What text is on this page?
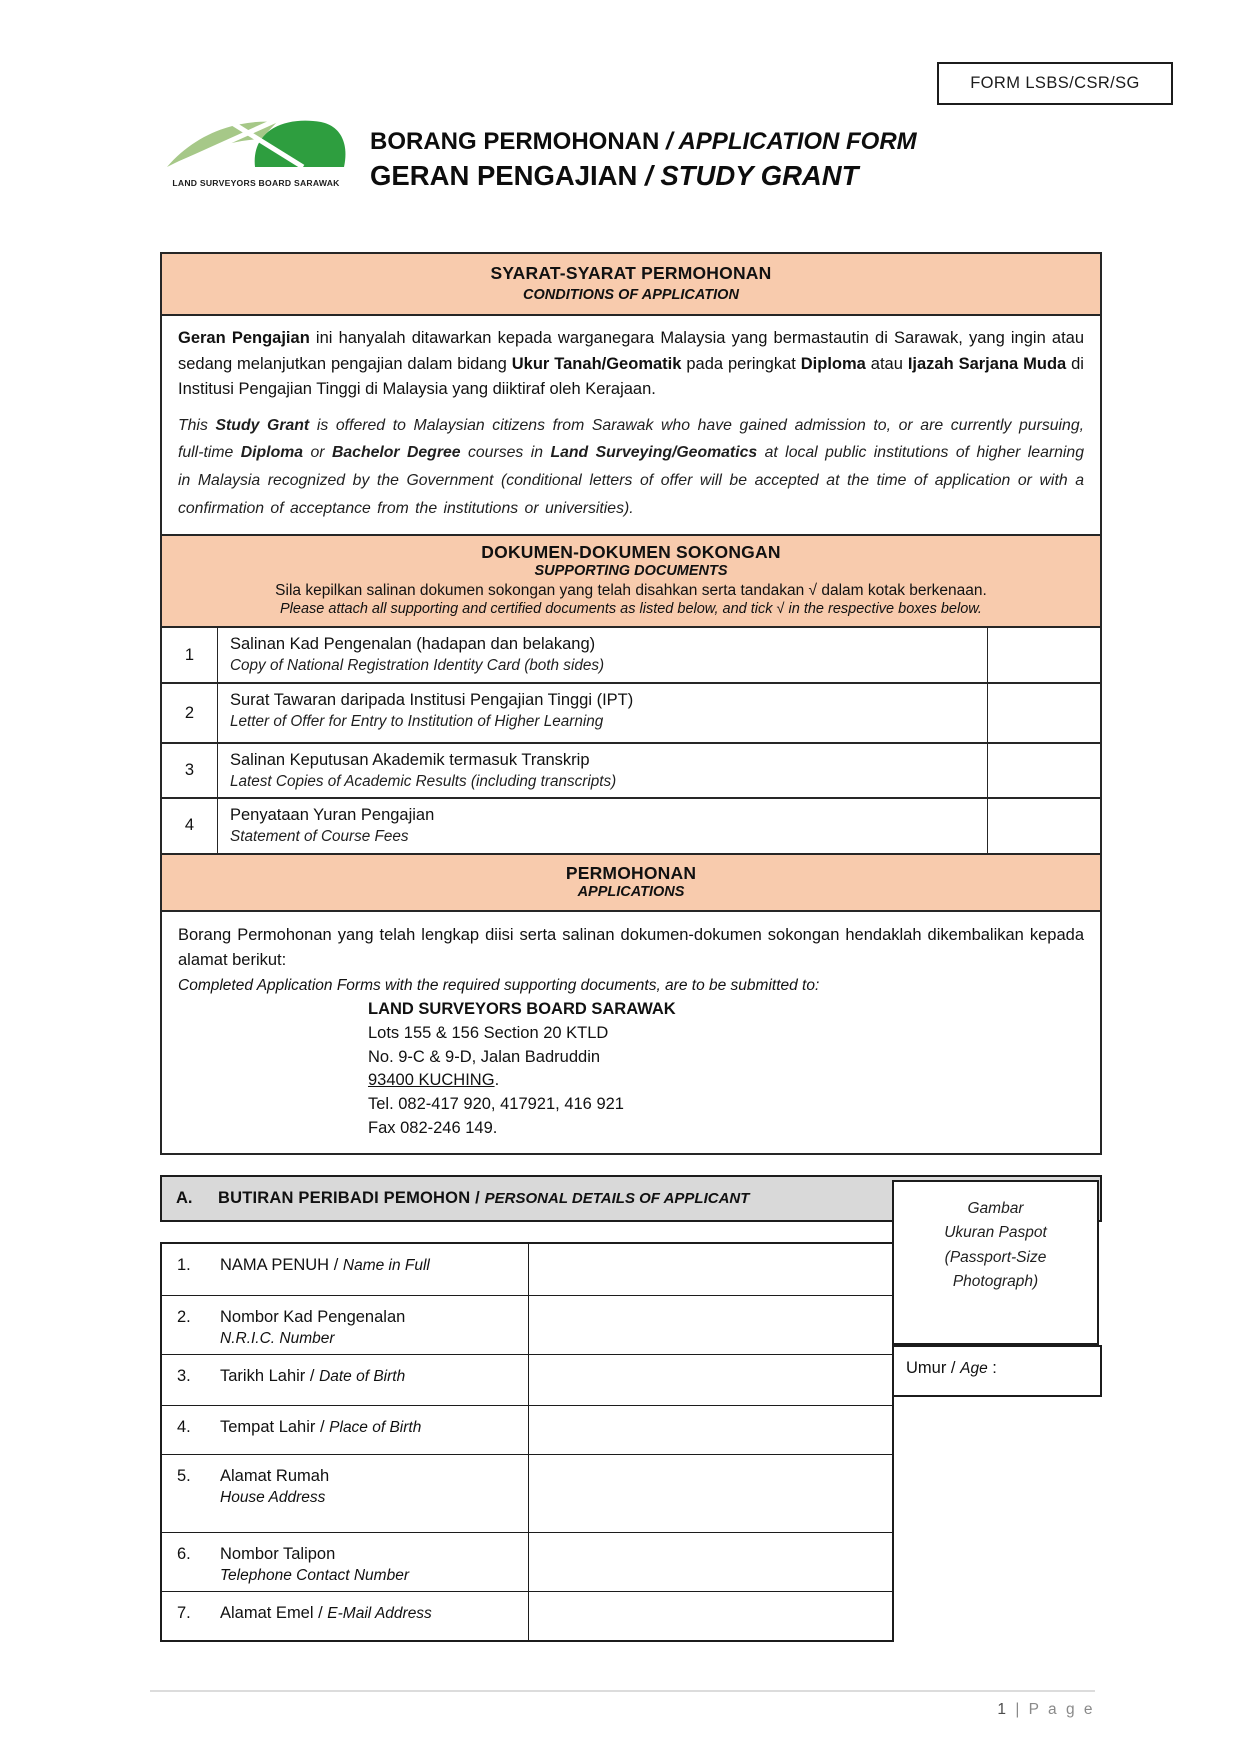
FORM LSBS/CSR/SG
LAND SURVEYORS BOARD SARAWAK
BORANG PERMOHONAN / APPLICATION FORM
GERAN PENGAJIAN / STUDY GRANT
SYARAT-SYARAT PERMOHONAN
CONDITIONS OF APPLICATION

Geran Pengajian ini hanyalah ditawarkan kepada warganegara Malaysia yang bermastautin di Sarawak, yang ingin atau sedang melanjutkan pengajian dalam bidang Ukur Tanah/Geomatik pada peringkat Diploma atau Ijazah Sarjana Muda di Institusi Pengajian Tinggi di Malaysia yang diiktiraf oleh Kerajaan.

This Study Grant is offered to Malaysian citizens from Sarawak who have gained admission to, or are currently pursuing, full-time Diploma or Bachelor Degree courses in Land Surveying/Geomatics at local public institutions of higher learning in Malaysia recognized by the Government (conditional letters of offer will be accepted at the time of application or with a confirmation of acceptance from the institutions or universities).

DOKUMEN-DOKUMEN SOKONGAN
SUPPORTING DOCUMENTS
Sila kepilkan salinan dokumen sokongan yang telah disahkan serta tandakan √ dalam kotak berkenaan.
Please attach all supporting and certified documents as listed below, and tick √ in the respective boxes below.
1
Salinan Kad Pengenalan (hadapan dan belakang)
Copy of National Registration Identity Card (both sides)
2
Surat Tawaran daripada Institusi Pengajian Tinggi (IPT)
Letter of Offer for Entry to Institution of Higher Learning
3
Salinan Keputusan Akademik termasuk Transkrip
Latest Copies of Academic Results (including transcripts)
4
Penyataan Yuran Pengajian
Statement of Course Fees
PERMOHONAN
APPLICATIONS

Borang Permohonan yang telah lengkap diisi serta salinan dokumen-dokumen sokongan hendaklah dikembalikan kepada alamat berikut:

Completed Application Forms with the required supporting documents, are to be submitted to:

LAND SURVEYORS BOARD SARAWAK
Lots 155 & 156 Section 20 KTLD
No. 9-C & 9-D, Jalan Badruddin
93400 KUCHING.
Tel. 082-417 920, 417921, 416 921
Fax 082-246 149.
A.	BUTIRAN PERIBADI PEMOHON / PERSONAL DETAILS OF APPLICANT
1. NAMA PENUH / Name in Full
2. Nombor Kad Pengenalan
N.R.I.C. Number
3. Tarikh Lahir / Date of Birth
4. Tempat Lahir / Place of Birth
5. Alamat Rumah
House Address
6. Nombor Talipon
Telephone Contact Number
7. Alamat Emel / E-Mail Address
Umur / Age :
Gambar
Ukuran Paspot
(Passport-Size
Photograph)
1 | P a g e
